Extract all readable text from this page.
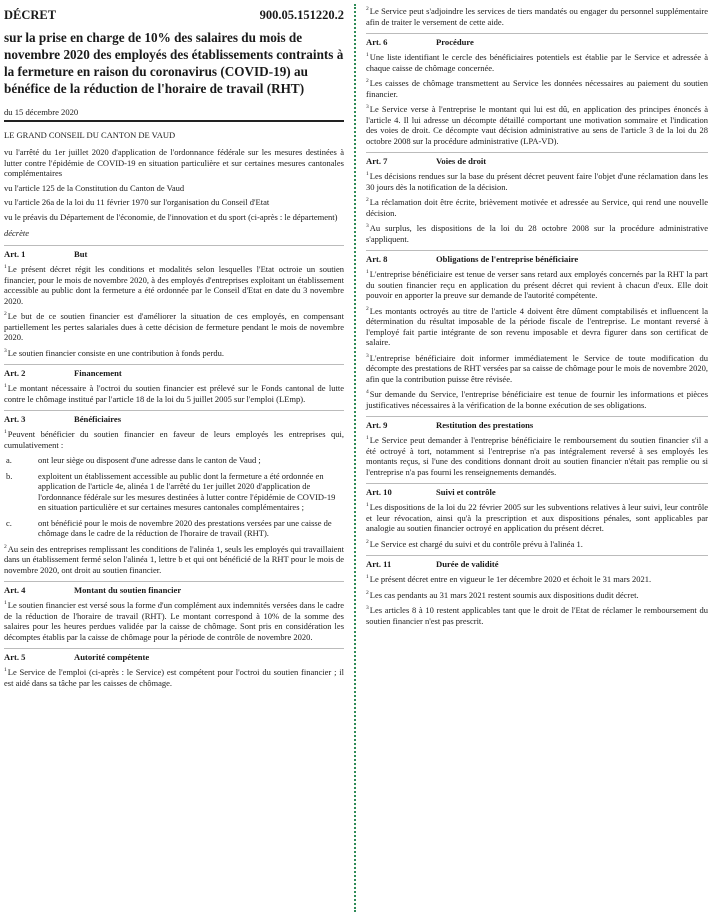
DÉCRET	900.05.151220.2
sur la prise en charge de 10% des salaires du mois de novembre 2020 des employés des établissements contraints à la fermeture en raison du coronavirus (COVID-19) au bénéfice de la réduction de l'horaire de travail (RHT)
du 15 décembre 2020
LE GRAND CONSEIL DU CANTON DE VAUD
vu l'arrêté du 1er juillet 2020 d'application de l'ordonnance fédérale sur les mesures destinées à lutter contre l'épidémie de COVID-19 en situation particulière et sur certaines mesures cantonales complémentaires
vu l'article 125 de la Constitution du Canton de Vaud
vu l'article 26a de la loi du 11 février 1970 sur l'organisation du Conseil d'Etat
vu le préavis du Département de l'économie, de l'innovation et du sport (ci-après : le département)
décrète
Art. 1	But
$^1$Le présent décret régit les conditions et modalités selon lesquelles l'Etat octroie un soutien financier, pour le mois de novembre 2020, à des employés d'entreprises exploitant un établissement accessible au public dont la fermeture a été ordonnée par le Conseil d'Etat en date du 3 novembre 2020.
$^2$Le but de ce soutien financier est d'améliorer la situation de ces employés, en compensant partiellement les pertes salariales dues à cette décision de fermeture pendant le mois de novembre 2020.
$^3$Le soutien financier consiste en une contribution à fonds perdu.
Art. 2	Financement
$^1$Le montant nécessaire à l'octroi du soutien financier est prélevé sur le Fonds cantonal de lutte contre le chômage institué par l'article 18 de la loi du 5 juillet 2005 sur l'emploi (LEmp).
Art. 3	Bénéficiaires
$^1$Peuvent bénéficier du soutien financier en faveur de leurs employés les entreprises qui, cumulativement :
a.	ont leur siège ou disposent d'une adresse dans le canton de Vaud ;
b.	exploitent un établissement accessible au public dont la fermeture a été ordonnée en application de l'article 4e, alinéa 1 de l'arrêté du 1er juillet 2020 d'application de l'ordonnance fédérale sur les mesures destinées à lutter contre l'épidémie de COVID-19 en situation particulière et sur certaines mesures cantonales complémentaires ;
c.	ont bénéficié pour le mois de novembre 2020 des prestations versées par une caisse de chômage dans le cadre de la réduction de l'horaire de travail (RHT).
$^2$Au sein des entreprises remplissant les conditions de l'alinéa 1, seuls les employés qui travaillaient dans un établissement fermé selon l'alinéa 1, lettre b et qui ont bénéficié de la RHT pour le mois de novembre 2020, ont droit au soutien financier.
Art. 4	Montant du soutien financier
$^1$Le soutien financier est versé sous la forme d'un complément aux indemnités versées dans le cadre de la réduction de l'horaire de travail (RHT). Le montant correspond à 10% de la somme des salaires pour les heures perdues validée par la caisse de chômage. Sont pris en considération les décomptes établis par la caisse de chômage pour la période de contrôle de novembre 2020.
Art. 5	Autorité compétente
$^1$Le Service de l'emploi (ci-après : le Service) est compétent pour l'octroi du soutien financier ; il est aidé dans sa tâche par les caisses de chômage.
$^2$Le Service peut s'adjoindre les services de tiers mandatés ou engager du personnel supplémentaire afin de traiter le versement de cette aide.
Art. 6	Procédure
$^1$Une liste identifiant le cercle des bénéficiaires potentiels est établie par le Service et adressée à chaque caisse de chômage concernée.
$^2$Les caisses de chômage transmettent au Service les données nécessaires au paiement du soutien financier.
$^3$Le Service verse à l'entreprise le montant qui lui est dû, en application des principes énoncés à l'article 4. Il lui adresse un décompte détaillé comportant une motivation sommaire et l'indication des voies de droit. Ce décompte vaut décision administrative au sens de l'article 3 de la loi du 28 octobre 2008 sur la procédure administrative (LPA-VD).
Art. 7	Voies de droit
$^1$Les décisions rendues sur la base du présent décret peuvent faire l'objet d'une réclamation dans les 30 jours dès la notification de la décision.
$^2$La réclamation doit être écrite, brièvement motivée et adressée au Service, qui rend une nouvelle décision.
$^3$Au surplus, les dispositions de la loi du 28 octobre 2008 sur la procédure administrative s'appliquent.
Art. 8	Obligations de l'entreprise bénéficiaire
$^1$L'entreprise bénéficiaire est tenue de verser sans retard aux employés concernés par la RHT la part du soutien financier reçu en application du présent décret qui revient à chacun d'eux. Elle doit pouvoir en apporter la preuve sur demande de l'autorité compétente.
$^2$Les montants octroyés au titre de l'article 4 doivent être dûment comptabilisés et influencent la détermination du résultat imposable de la période fiscale de l'entreprise. Le montant reversé à l'employé fait partie intégrante de son revenu imposable et devra figurer dans son certificat de salaire.
$^3$L'entreprise bénéficiaire doit informer immédiatement le Service de toute modification du décompte des prestations de RHT versées par sa caisse de chômage pour le mois de novembre 2020, afin que la contribution puisse être révisée.
$^4$Sur demande du Service, l'entreprise bénéficiaire est tenue de fournir les informations et pièces justificatives nécessaires à la vérification de la bonne exécution de ses obligations.
Art. 9	Restitution des prestations
$^1$Le Service peut demander à l'entreprise bénéficiaire le remboursement du soutien financier s'il a été octroyé à tort, notamment si l'entreprise n'a pas intégralement reversé à ses employés les montants reçus, si l'une des conditions donnant droit au soutien financier n'était pas remplie ou si l'entreprise n'a pas fourni les renseignements demandés.
Art. 10	Suivi et contrôle
$^1$Les dispositions de la loi du 22 février 2005 sur les subventions relatives à leur suivi, leur contrôle et leur révocation, ainsi qu'à la prescription et aux dispositions pénales, sont applicables par analogie au soutien financier octroyé en application du présent décret.
$^2$Le Service est chargé du suivi et du contrôle prévu à l'alinéa 1.
Art. 11	Durée de validité
$^1$Le présent décret entre en vigueur le 1er décembre 2020 et échoit le 31 mars 2021.
$^2$Les cas pendants au 31 mars 2021 restent soumis aux dispositions dudit décret.
$^3$Les articles 8 à 10 restent applicables tant que le droit de l'Etat de réclamer le remboursement du soutien financier n'est pas prescrit.
